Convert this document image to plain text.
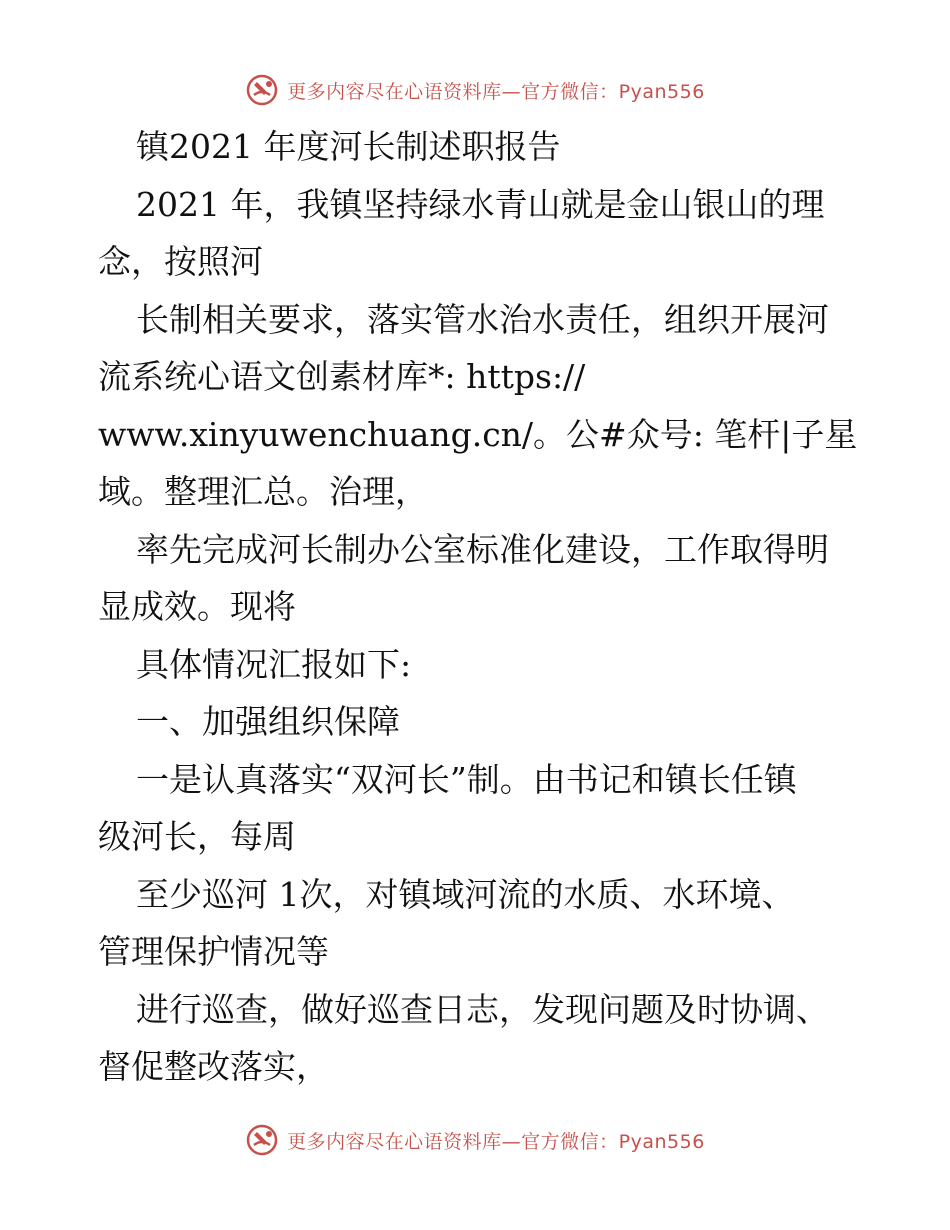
更多内容尽在心语资料库—官方微信：Pyan556

镇2021 年度河长制述职报告

2021 年，我镇坚持绿水青山就是金山银山的理

念，按照河

长制相关要求，落实管水治水责任，组织开展河

流系统心语文创素材库*: https://

www.xinyuwenchuang.cn/。公#众号: 笔杆|子星

域。整理汇总。治理，

率先完成河长制办公室标准化建设，工作取得明

显成效。现将

具体情况汇报如下:

一、加强组织保障

一是认真落实“双河长”制。由书记和镇长任镇

级河长，每周

至少巡河 1次，对镇域河流的水质、水环境、

管理保护情况等

进行巡查，做好巡查日志，发现问题及时协调、

督促整改落实，

更多内容尽在心语资料库—官方微信：Pyan556
